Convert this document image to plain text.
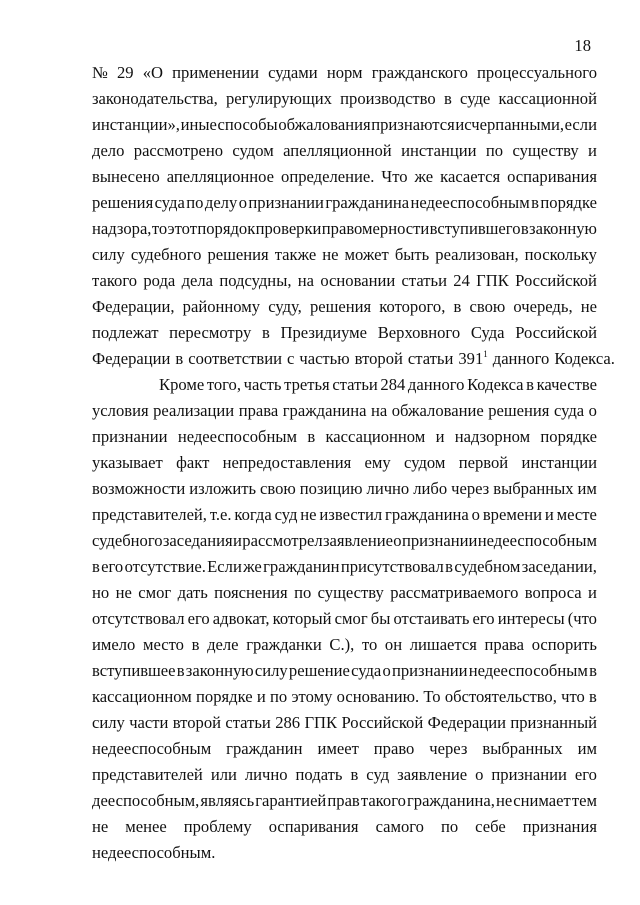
18
№ 29 «О применении судами норм гражданского процессуального
законодательства, регулирующих производство в суде кассационной
инстанции», иные способы обжалования признаются исчерпанными, если
дело рассмотрено судом апелляционной инстанции по существу и
вынесено апелляционное определение. Что же касается оспаривания
решения суда по делу о признании гражданина недееспособным в порядке
надзора, то этот порядок проверки правомерности вступившего в законную
силу судебного решения также не может быть реализован, поскольку
такого рода дела подсудны, на основании статьи 24 ГПК Российской
Федерации, районному суду, решения которого, в свою очередь, не
подлежат пересмотру в Президиуме Верховного Суда Российской
Федерации в соответствии с частью второй статьи $391^1$ данного Кодекса.
Кроме того, часть третья статьи 284 данного Кодекса в качестве
условия реализации права гражданина на обжалование решения суда о
признании недееспособным в кассационном и надзорном порядке
указывает факт непредоставления ему судом первой инстанции
возможности изложить свою позицию лично либо через выбранных им
представителей, т.е. когда суд не известил гражданина о времени и месте
судебного заседания и рассмотрел заявление о признании недееспособным
в его отсутствие. Если же гражданин присутствовал в судебном заседании,
но не смог дать пояснения по существу рассматриваемого вопроса и
отсутствовал его адвокат, который смог бы отстаивать его интересы (что
имело место в деле гражданки С.), то он лишается права оспорить
вступившее в законную силу решение суда о признании недееспособным в
кассационном порядке и по этому основанию. То обстоятельство, что в
силу части второй статьи 286 ГПК Российской Федерации признанный
недееспособным гражданин имеет право через выбранных им
представителей или лично подать в суд заявление о признании его
дееспособным, являясь гарантией прав такого гражданина, не снимает тем
не менее проблему оспаривания самого по себе признания
недееспособным.
